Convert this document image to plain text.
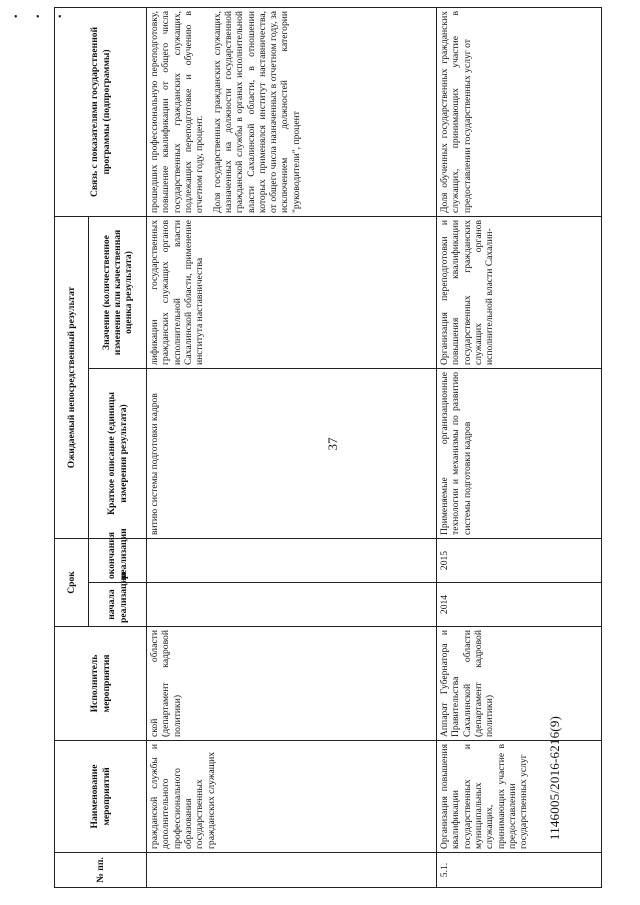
• • •
37
№ пп.	Наименование мероприятий	Исполнитель мероприятия	Срок		Ожидаемый непосредственный результат		Связь с показателями государственной программы (подпрограммы)
			начала реализации	окончания реализации	Краткое описание (единицы измерения результата)	Значение (количественное изменение или качественная оценка результата)	
	гражданской службы и дополнительного профессионального образования государственных гражданских служащих	ской области (департамент кадровой политики)			витию системы подготовки кадров	лификации государственных гражданских служащих органов исполнительной власти Сахалинской области, применение института наставничества	прошедших профессиональную переподготовку, повышение квалификации от общего числа государственных гражданских служащих, подлежащих переподготовке и обучению в отчетном году, процент. Доля государственных гражданских служащих, назначенных на должности государственной гражданской службы в органах исполнительной власти Сахалинской области, в отношении которых применялся институт наставничества, от общего числа назначенных в отчетном году, за исключением должностей категории "руководители", процент

5.1.	Организация повышения квалификации государственных и муниципальных служащих, принимающих участие в предоставлении государственных услуг	Аппарат Губернатора и Правительства Сахалинской области (департамент кадровой политики)	2014	2015	Применяемые организационные технологии и механизмы по развитию системы подготовки кадров	Организация переподготовки и повышения квалификации государственных гражданских служащих органов исполнительной власти Сахалин-	Доля обученных государственных гражданских служащих, принимающих участие в предоставлении государственных услуг от

1146005/2016-6216(9)
